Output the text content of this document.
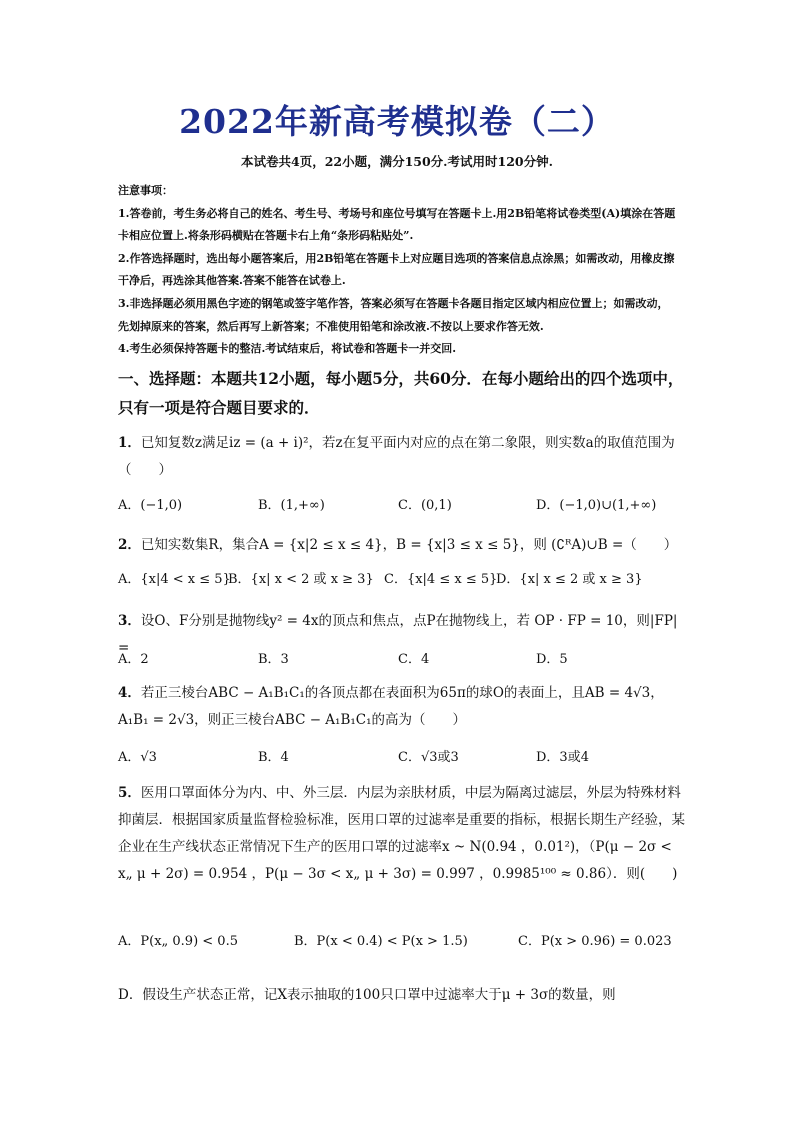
2022年新高考模拟卷（二）
本试卷共4页，22小题，满分150分.考试用时120分钟.

注意事项：

1.答卷前，考生务必将自己的姓名、考生号、考场号和座位号填写在答题卡上.用2B铅笔将试卷类型(A)填涂在答题卡相应位置上.将条形码横贴在答题卡右上角“条形码粘贴处”.

2.作答选择题时，选出每小题答案后，用2B铅笔在答题卡上对应题目选项的答案信息点涂黑；如需改动，用橡皮擦干净后，再选涂其他答案.答案不能答在试卷上.

3.非选择题必须用黑色字迹的钢笔或签字笔作答，答案必须写在答题卡各题目指定区域内相应位置上；如需改动，先划掉原来的答案，然后再写上新答案；不准使用铅笔和涂改液.不按以上要求作答无效.

4.考生必须保持答题卡的整洁.考试结束后，将试卷和答题卡一并交回.

一、选择题：本题共12小题，每小题5分，共60分．在每小题给出的四个选项中，只有一项是符合题目要求的．
1．已知复数z满足iz = (a + i)²，若z在复平面内对应的点在第二象限，则实数a的取值范围为（　　）
A．(−1,0)	B．(1,+∞)	C．(0,1)	D．(−1,0)∪(1,+∞)
2．已知实数集R，集合A = {x|2 ≤ x ≤ 4}，B = {x|3 ≤ x ≤ 5}，则 (∁ᴿA)∪B =（　　）
A．{x|4 < x ≤ 5}
B．{x| x < 2 或 x ≥ 3} C．{x|4 ≤ x ≤ 5}
D．{x| x ≤ 2 或 x ≥ 3}
3．设O、F分别是抛物线y² = 4x的顶点和焦点，点P在抛物线上，若 OP · FP = 10，则|FP| =
A．2	B．3	C．4	D．5
4．若正三棱台ABC − A₁B₁C₁的各顶点都在表面积为65π的球O的表面上，且AB = 4√3，A₁B₁ = 2√3，则正三棱台ABC − A₁B₁C₁的高为（　　）
A．√3	B．4	C．√3或3	D．3或4
5．医用口罩面体分为内、中、外三层．内层为亲肤材质，中层为隔离过滤层，外层为特殊材料抑菌层．根据国家质量监督检验标准，医用口罩的过滤率是重要的指标，根据长期生产经验，某企业在生产线状态正常情况下生产的医用口罩的过滤率x ~ N(0.94 ，0.01²)，（P(μ − 2σ < x„ μ + 2σ) = 0.954 ，P(μ − 3σ < x„ μ + 3σ) = 0.997 ，0.9985¹⁰⁰ ≈ 0.86）．则(　　)
A．P(x„ 0.9) < 0.5	B．P(x < 0.4) < P(x > 1.5)	C．P(x > 0.96) = 0.023
D．假设生产状态正常，记X表示抽取的100只口罩中过滤率大于μ + 3σ的数量，则
